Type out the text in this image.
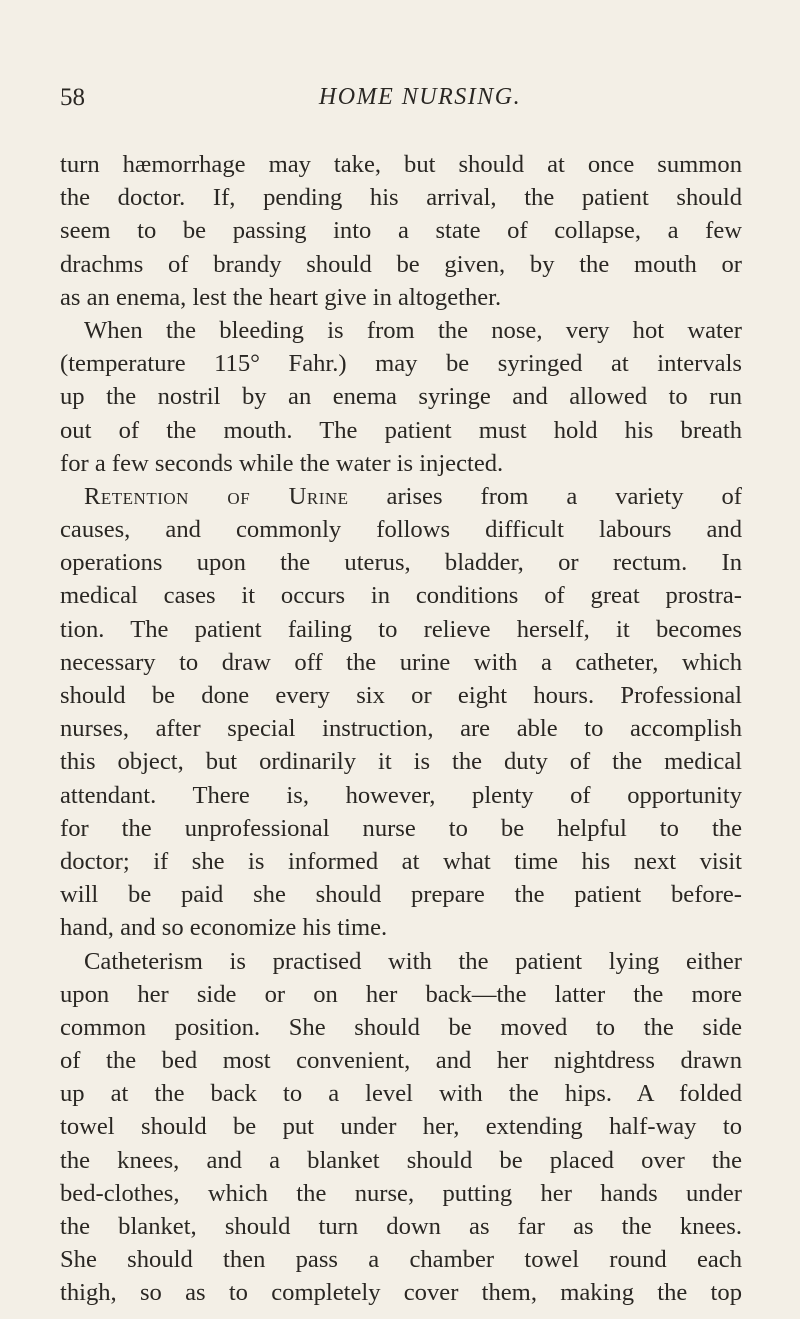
58	HOME NURSING.
turn hæmorrhage may take, but should at once summon
the doctor. If, pending his arrival, the patient should
seem to be passing into a state of collapse, a few
drachms of brandy should be given, by the mouth or
as an enema, lest the heart give in altogether.
When the bleeding is from the nose, very hot water
(temperature 115° Fahr.) may be syringed at intervals
up the nostril by an enema syringe and allowed to run
out of the mouth. The patient must hold his breath
for a few seconds while the water is injected.
Retention of Urine arises from a variety of
causes, and commonly follows difficult labours and
operations upon the uterus, bladder, or rectum. In
medical cases it occurs in conditions of great prostra-
tion. The patient failing to relieve herself, it becomes
necessary to draw off the urine with a catheter, which
should be done every six or eight hours. Professional
nurses, after special instruction, are able to accomplish
this object, but ordinarily it is the duty of the medical
attendant. There is, however, plenty of opportunity
for the unprofessional nurse to be helpful to the
doctor; if she is informed at what time his next visit
will be paid she should prepare the patient before-
hand, and so economize his time.
Catheterism is practised with the patient lying either
upon her side or on her back—the latter the more
common position. She should be moved to the side
of the bed most convenient, and her nightdress drawn
up at the back to a level with the hips. A folded
towel should be put under her, extending half-way to
the knees, and a blanket should be placed over the
bed-clothes, which the nurse, putting her hands under
the blanket, should turn down as far as the knees.
She should then pass a chamber towel round each
thigh, so as to completely cover them, making the top
